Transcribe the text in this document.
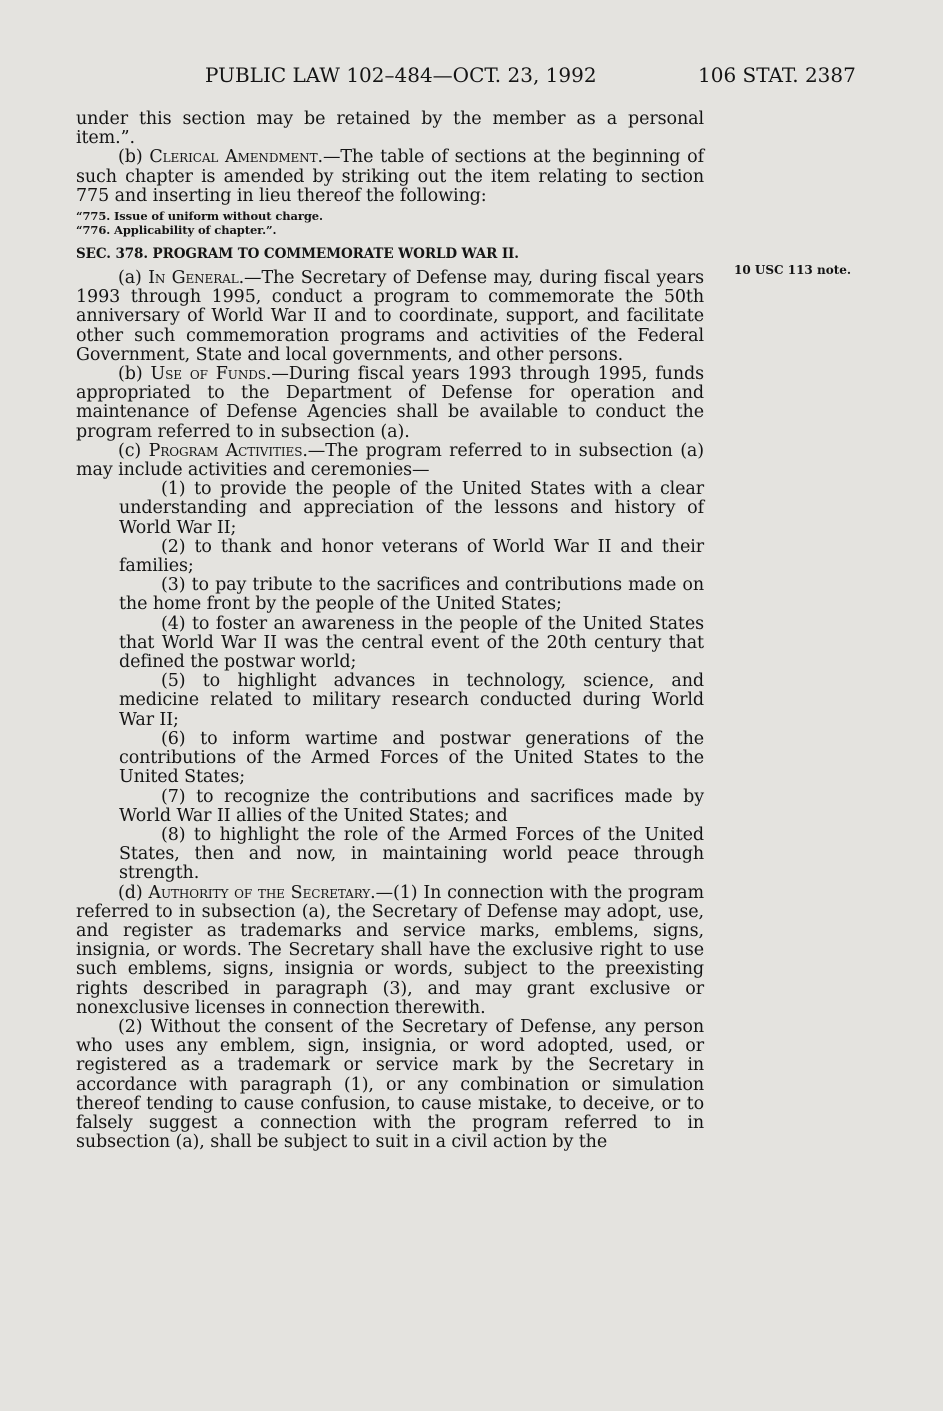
PUBLIC LAW 102–484—OCT. 23, 1992	106 STAT. 2387
10 USC 113 note.

under this section may be retained by the member as a personal item.”.

(b) Clerical Amendment.—The table of sections at the beginning of such chapter is amended by striking out the item relating to section 775 and inserting in lieu thereof the following:

“775. Issue of uniform without charge.
“776. Applicability of chapter.”.

SEC. 378. PROGRAM TO COMMEMORATE WORLD WAR II.

(a) In General.—The Secretary of Defense may, during fiscal years 1993 through 1995, conduct a program to commemorate the 50th anniversary of World War II and to coordinate, support, and facilitate other such commemoration programs and activities of the Federal Government, State and local governments, and other persons.

(b) Use of Funds.—During fiscal years 1993 through 1995, funds appropriated to the Department of Defense for operation and maintenance of Defense Agencies shall be available to conduct the program referred to in subsection (a).

(c) Program Activities.—The program referred to in subsection (a) may include activities and ceremonies—

(1) to provide the people of the United States with a clear understanding and appreciation of the lessons and history of World War II;

(2) to thank and honor veterans of World War II and their families;

(3) to pay tribute to the sacrifices and contributions made on the home front by the people of the United States;

(4) to foster an awareness in the people of the United States that World War II was the central event of the 20th century that defined the postwar world;

(5) to highlight advances in technology, science, and medicine related to military research conducted during World War II;

(6) to inform wartime and postwar generations of the contributions of the Armed Forces of the United States to the United States;

(7) to recognize the contributions and sacrifices made by World War II allies of the United States; and

(8) to highlight the role of the Armed Forces of the United States, then and now, in maintaining world peace through strength.

(d) Authority of the Secretary.—(1) In connection with the program referred to in subsection (a), the Secretary of Defense may adopt, use, and register as trademarks and service marks, emblems, signs, insignia, or words. The Secretary shall have the exclusive right to use such emblems, signs, insignia or words, subject to the preexisting rights described in paragraph (3), and may grant exclusive or nonexclusive licenses in connection therewith.

(2) Without the consent of the Secretary of Defense, any person who uses any emblem, sign, insignia, or word adopted, used, or registered as a trademark or service mark by the Secretary in accordance with paragraph (1), or any combination or simulation thereof tending to cause confusion, to cause mistake, to deceive, or to falsely suggest a connection with the program referred to in subsection (a), shall be subject to suit in a civil action by the
